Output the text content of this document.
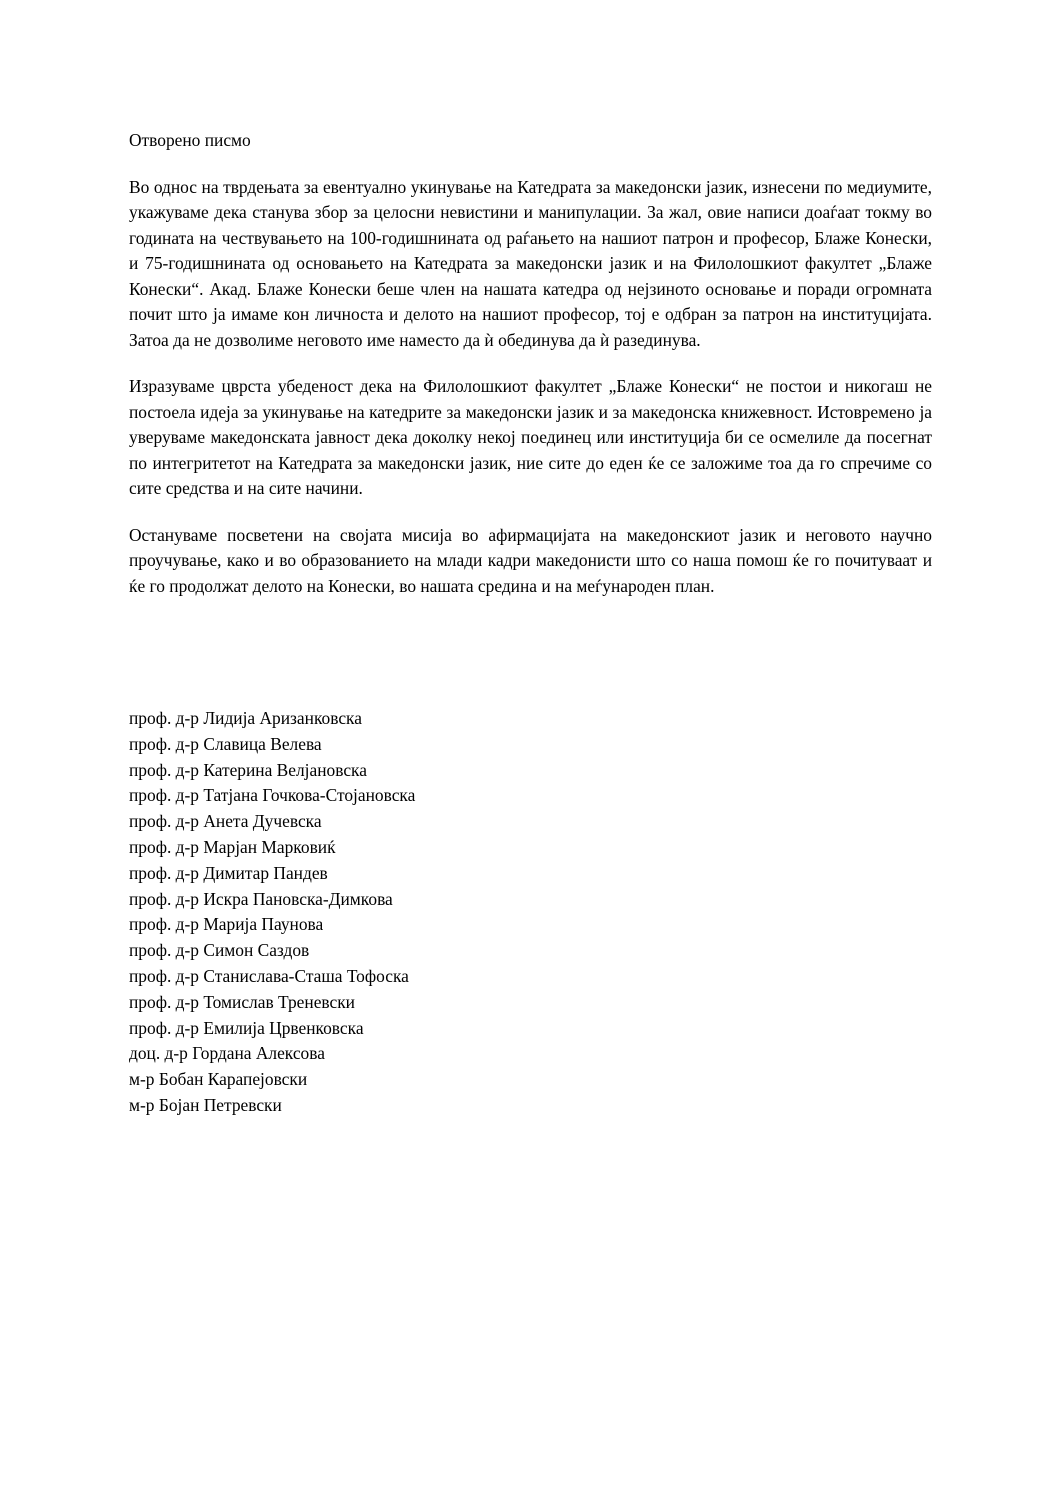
Отворено писмо

Во однос на тврдењата за евентуално укинување на Катедрата за македонски јазик, изнесени по медиумите, укажуваме дека станува збор за целосни невистини и манипулации. За жал, овие написи доаѓаат токму во годината на чествувањето на 100-годишнината од раѓањето на нашиот патрон и професор, Блаже Конески, и 75-годишнината од основањето на Катедрата за македонски јазик и на Филолошкиот факултет „Блаже Конески“. Акад. Блаже Конески беше член на нашата катедра од нејзиното основање и поради огромната почит што ја имаме кон личноста и делото на нашиот професор, тој е одбран за патрон на институцијата. Затоа да не дозволиме неговото име наместо да ѝ обединува да ѝ разединува.

Изразуваме цврста убеденост дека на Филолошкиот факултет „Блаже Конески“ не постои и никогаш не постоела идеја за укинување на катедрите за македонски јазик и за македонска книжевност. Истовремено ја уверуваме македонската јавност дека доколку некој поединец или институција би се осмелиле да посегнат по интегритетот на Катедрата за македонски јазик, ние сите до еден ќе се заложиме тоа да го спречиме со сите средства и на сите начини.

Остануваме посветени на својата мисија во афирмацијата на македонскиот јазик и неговото научно проучување, како и во образованието на млади кадри македонисти што со наша помош ќе го почитуваат и ќе го продолжат делото на Конески, во нашата средина и на меѓународен план.

проф. д-р Лидија Аризанковска
проф. д-р Славица Велева
проф. д-р Катерина Велјановска
проф. д-р Татјана Гочкова-Стојановска
проф. д-р Анета Дучевска
проф. д-р Марјан Марковиќ
проф. д-р Димитар Пандев
проф. д-р Искра Пановска-Димкова
проф. д-р Марија Паунова
проф. д-р Симон Саздов
проф. д-р Станислава-Сташа Тофоска
проф. д-р Томислав Треневски
проф. д-р Емилија Црвенковска
доц. д-р Гордана Алексова
м-р Бобан Карапејовски
м-р Бојан Петревски
